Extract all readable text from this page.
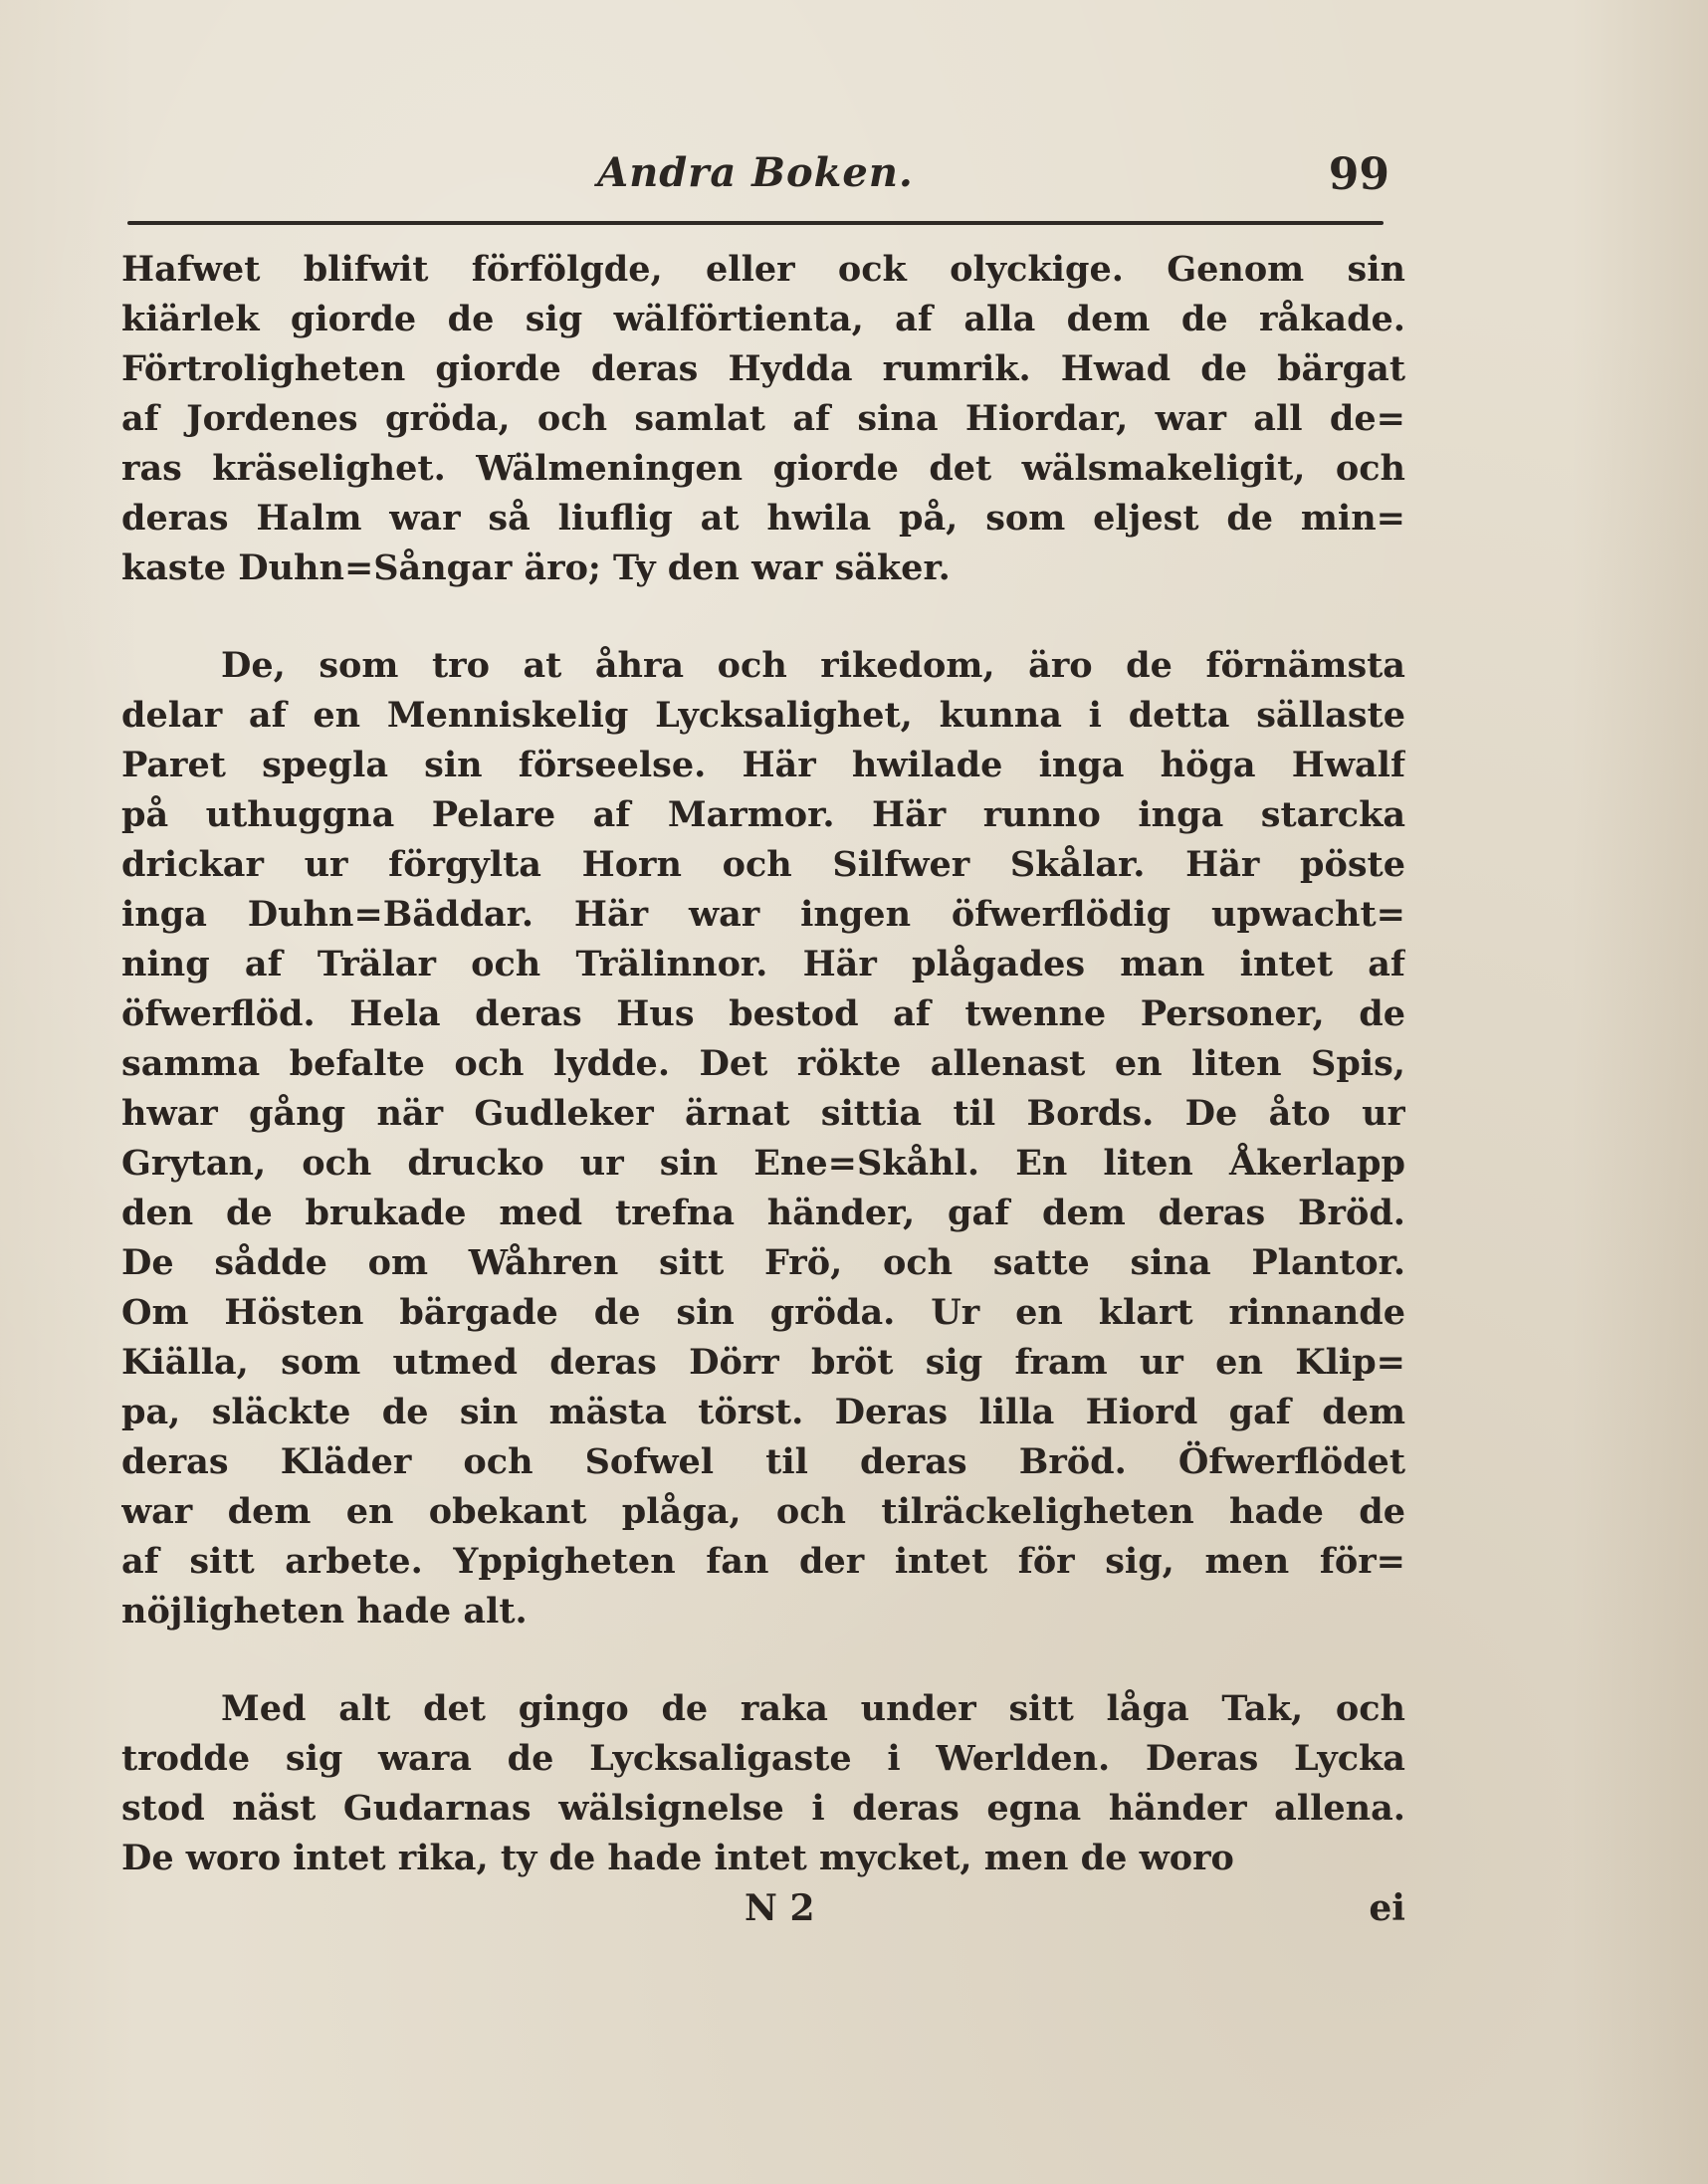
Andra Boken.	99
Hafwet blifwit förfölgde, eller ock olyckige. Genom sin
kiärlek giorde de sig wälförtienta, af alla dem de råkade.
Förtroligheten giorde deras Hydda rumrik. Hwad de bärgat
af Jordenes gröda, och samlat af sina Hiordar, war all de=
ras kräselighet. Wälmeningen giorde det wälsmakeligit, och
deras Halm war så liuflig at hwila på, som eljest de min=
kaste Duhn=Sångar äro; Ty den war säker.
De, som tro at åhra och rikedom, äro de förnämsta
delar af en Menniskelig Lycksalighet, kunna i detta sällaste
Paret spegla sin förseelse. Här hwilade inga höga Hwalf
på uthuggna Pelare af Marmor. Här runno inga starcka
drickar ur förgylta Horn och Silfwer Skålar. Här pöste
inga Duhn=Bäddar. Här war ingen öfwerflödig upwacht=
ning af Trälar och Trälinnor. Här plågades man intet af
öfwerflöd. Hela deras Hus bestod af twenne Personer, de
samma befalte och lydde. Det rökte allenast en liten Spis,
hwar gång när Gudleker ärnat sittia til Bords. De åto ur
Grytan, och drucko ur sin Ene=Skåhl. En liten Åkerlapp
den de brukade med trefna händer, gaf dem deras Bröd.
De sådde om Wåhren sitt Frö, och satte sina Plantor.
Om Hösten bärgade de sin gröda. Ur en klart rinnande
Kiälla, som utmed deras Dörr bröt sig fram ur en Klip=
pa, släckte de sin mästa törst. Deras lilla Hiord gaf dem
deras Kläder och Sofwel til deras Bröd. Öfwerflödet
war dem en obekant plåga, och tilräckeligheten hade de
af sitt arbete. Yppigheten fan der intet för sig, men för=
nöjligheten hade alt.
Med alt det gingo de raka under sitt låga Tak, och
trodde sig wara de Lycksaligaste i Werlden. Deras Lycka
stod näst Gudarnas wälsignelse i deras egna händer allena.
De woro intet rika, ty de hade intet mycket, men de woro
N 2	ei
